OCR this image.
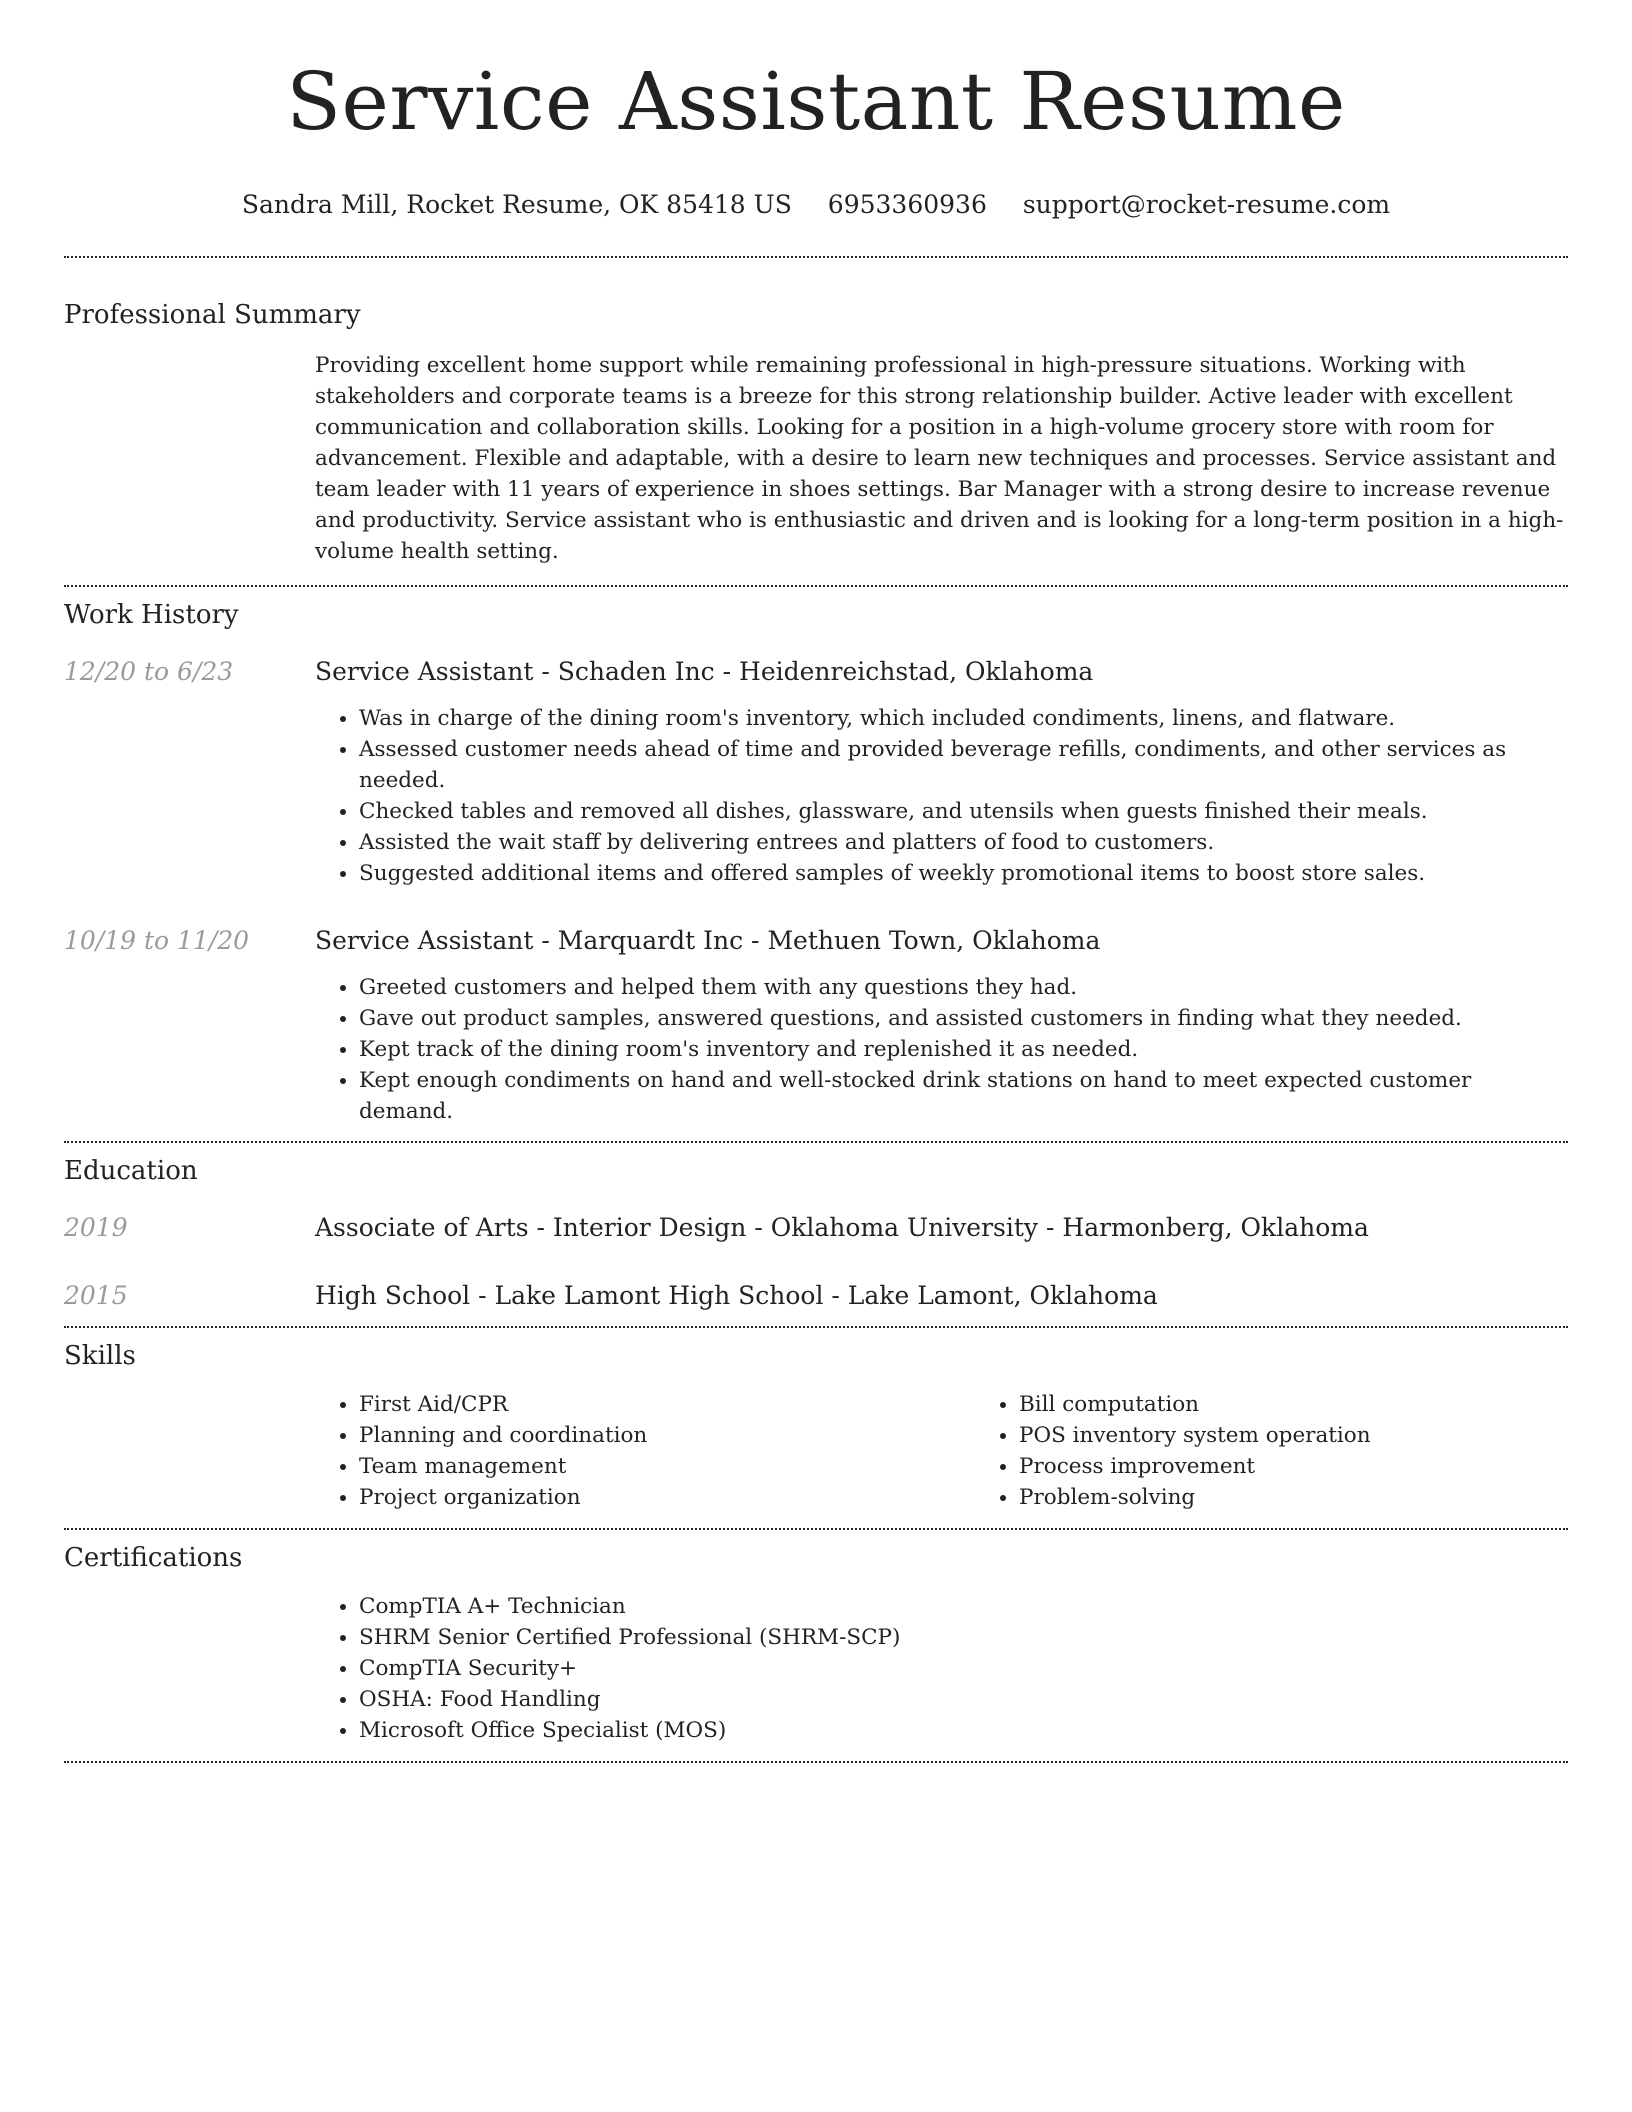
Service Assistant Resume
Sandra Mill, Rocket Resume, OK 85418 US 6953360936 support@rocket-resume.com
Professional Summary
Providing excellent home support while remaining professional in high-pressure situations. Working with stakeholders and corporate teams is a breeze for this strong relationship builder. Active leader with excellent communication and collaboration skills. Looking for a position in a high-volume grocery store with room for advancement. Flexible and adaptable, with a desire to learn new techniques and processes. Service assistant and team leader with 11 years of experience in shoes settings. Bar Manager with a strong desire to increase revenue and productivity. Service assistant who is enthusiastic and driven and is looking for a long-term position in a high-volume health setting.
Work History
12/20 to 6/23	Service Assistant - Schaden Inc - Heidenreichstad, Oklahoma
• Was in charge of the dining room's inventory, which included condiments, linens, and flatware.
• Assessed customer needs ahead of time and provided beverage refills, condiments, and other services as needed.
• Checked tables and removed all dishes, glassware, and utensils when guests finished their meals.
• Assisted the wait staff by delivering entrees and platters of food to customers.
• Suggested additional items and offered samples of weekly promotional items to boost store sales.
10/19 to 11/20	Service Assistant - Marquardt Inc - Methuen Town, Oklahoma
• Greeted customers and helped them with any questions they had.
• Gave out product samples, answered questions, and assisted customers in finding what they needed.
• Kept track of the dining room's inventory and replenished it as needed.
• Kept enough condiments on hand and well-stocked drink stations on hand to meet expected customer demand.
Education
2019	Associate of Arts - Interior Design - Oklahoma University - Harmonberg, Oklahoma
2015	High School - Lake Lamont High School - Lake Lamont, Oklahoma
Skills
• First Aid/CPR
• Planning and coordination
• Team management
• Project organization
• Bill computation
• POS inventory system operation
• Process improvement
• Problem-solving
Certifications
• CompTIA A+ Technician
• SHRM Senior Certified Professional (SHRM-SCP)
• CompTIA Security+
• OSHA: Food Handling
• Microsoft Office Specialist (MOS)
